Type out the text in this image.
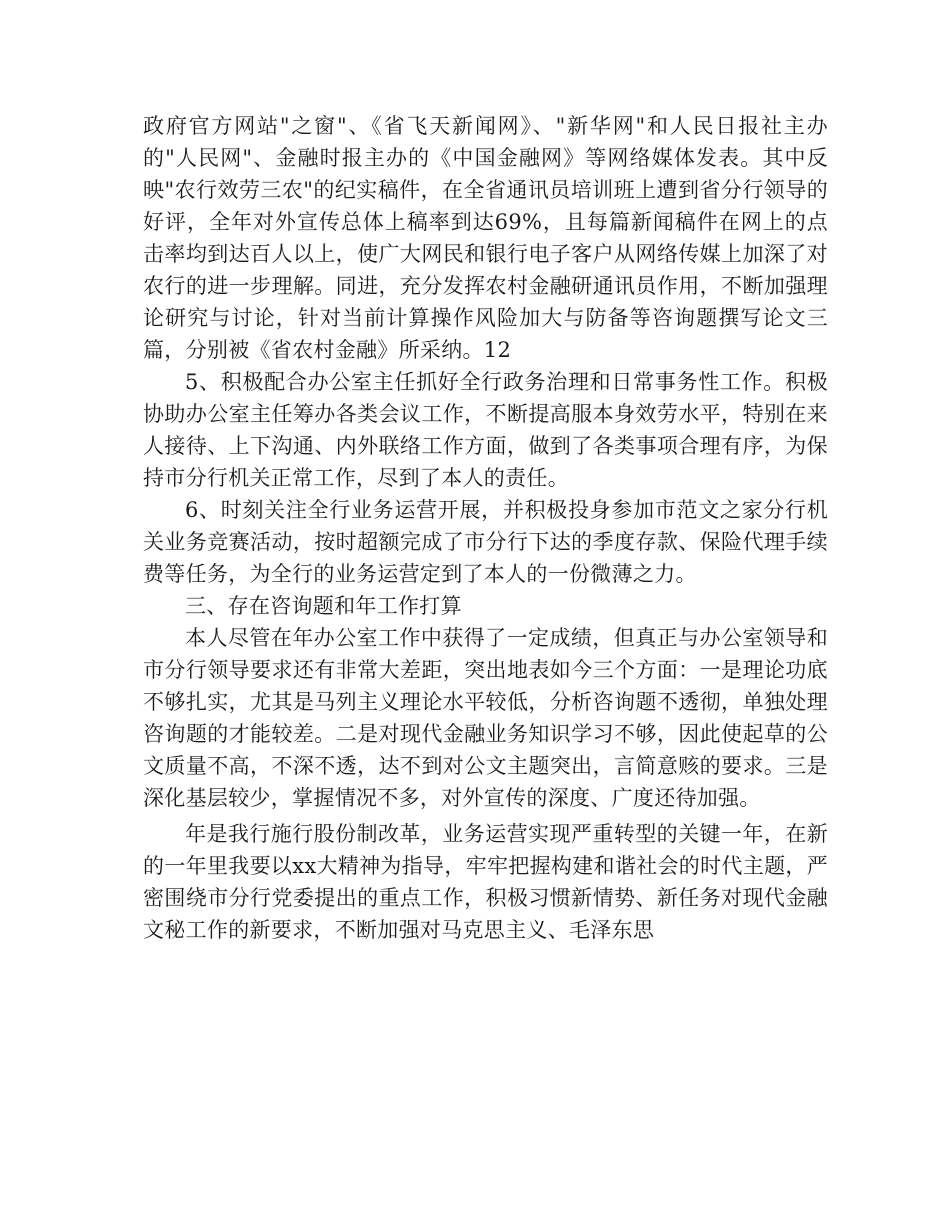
政府官方网站"之窗"、《省飞天新闻网》、"新华网"和人民日报社主办的"人民网"、金融时报主办的《中国金融网》等网络媒体发表。其中反映"农行效劳三农"的纪实稿件，在全省通讯员培训班上遭到省分行领导的好评，全年对外宣传总体上稿率到达69%，且每篇新闻稿件在网上的点击率均到达百人以上，使广大网民和银行电子客户从网络传媒上加深了对农行的进一步理解。同进，充分发挥农村金融研通讯员作用，不断加强理论研究与讨论，针对当前计算操作风险加大与防备等咨询题撰写论文三篇，分别被《省农村金融》所采纳。12

5、积极配合办公室主任抓好全行政务治理和日常事务性工作。积极协助办公室主任筹办各类会议工作，不断提高服本身效劳水平，特别在来人接待、上下沟通、内外联络工作方面，做到了各类事项合理有序，为保持市分行机关正常工作，尽到了本人的责任。

6、时刻关注全行业务运营开展，并积极投身参加市范文之家分行机关业务竞赛活动，按时超额完成了市分行下达的季度存款、保险代理手续费等任务，为全行的业务运营定到了本人的一份微薄之力。

三、存在咨询题和年工作打算

本人尽管在年办公室工作中获得了一定成绩，但真正与办公室领导和市分行领导要求还有非常大差距，突出地表如今三个方面：一是理论功底不够扎实，尤其是马列主义理论水平较低，分析咨询题不透彻，单独处理咨询题的才能较差。二是对现代金融业务知识学习不够，因此使起草的公文质量不高，不深不透，达不到对公文主题突出，言简意赅的要求。三是深化基层较少，掌握情况不多，对外宣传的深度、广度还待加强。

年是我行施行股份制改革，业务运营实现严重转型的关键一年，在新的一年里我要以xx大精神为指导，牢牢把握构建和谐社会的时代主题，严密围绕市分行党委提出的重点工作，积极习惯新情势、新任务对现代金融文秘工作的新要求，不断加强对马克思主义、毛泽东思
